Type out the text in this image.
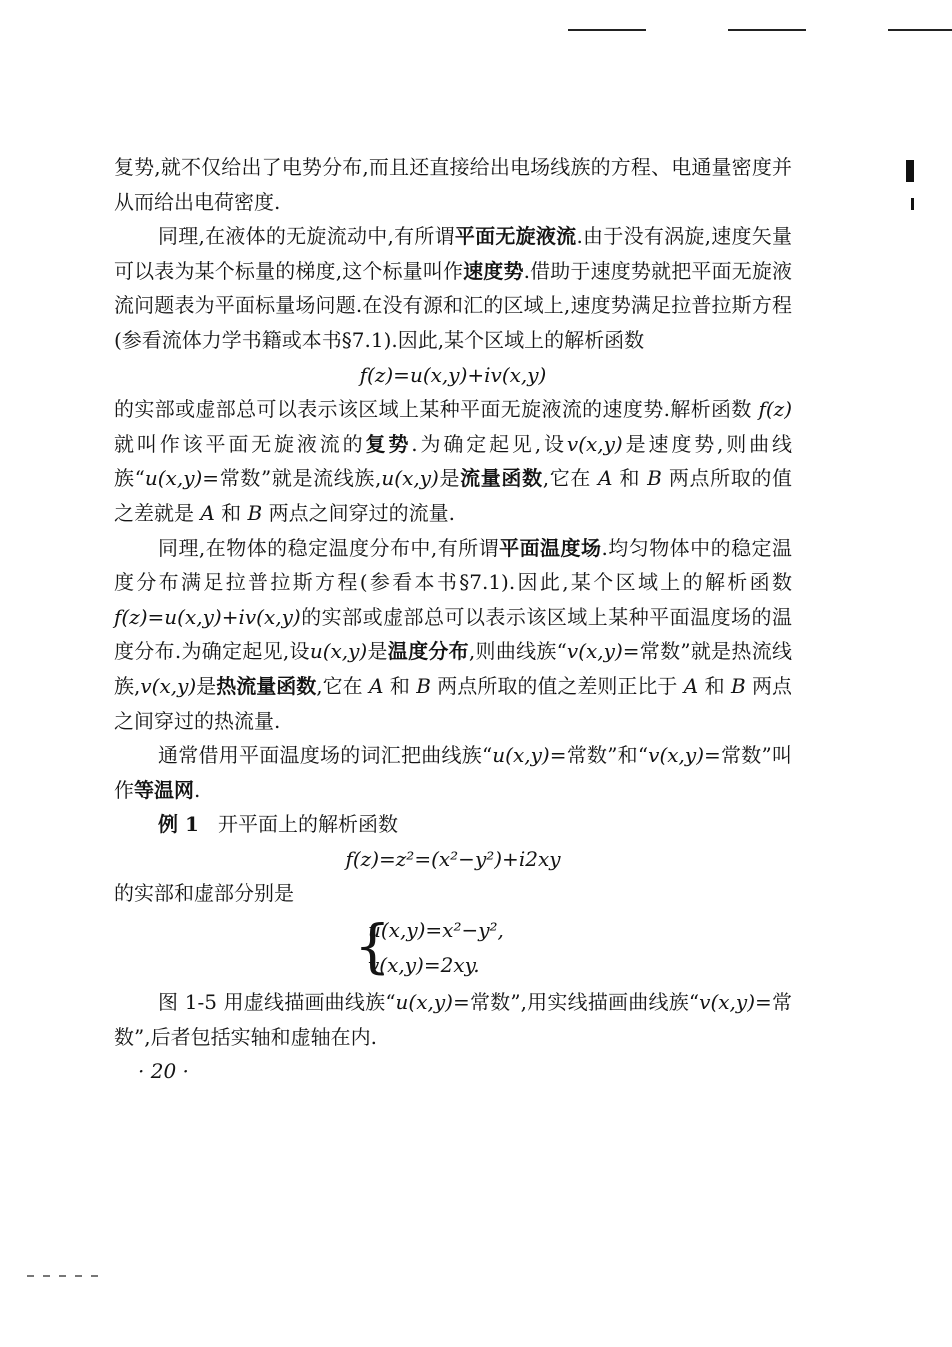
复势,就不仅给出了电势分布,而且还直接给出电场线族的方程、电通量密度并从而给出电荷密度.

同理,在液体的无旋流动中,有所谓平面无旋液流.由于没有涡旋,速度矢量可以表为某个标量的梯度,这个标量叫作速度势.借助于速度势就把平面无旋液流问题表为平面标量场问题.在没有源和汇的区域上,速度势满足拉普拉斯方程(参看流体力学书籍或本书§7.1).因此,某个区域上的解析函数

f(z)=u(x,y)+iv(x,y)

的实部或虚部总可以表示该区域上某种平面无旋液流的速度势.解析函数 f(z)就叫作该平面无旋液流的复势.为确定起见,设v(x,y)是速度势,则曲线族“u(x,y)=常数”就是流线族,u(x,y)是流量函数,它在 A 和 B 两点所取的值之差就是 A 和 B 两点之间穿过的流量.

同理,在物体的稳定温度分布中,有所谓平面温度场.均匀物体中的稳定温度分布满足拉普拉斯方程(参看本书§7.1).因此,某个区域上的解析函数 f(z)=u(x,y)+iv(x,y)的实部或虚部总可以表示该区域上某种平面温度场的温度分布.为确定起见,设u(x,y)是温度分布,则曲线族“v(x,y)=常数”就是热流线族,v(x,y)是热流量函数,它在 A 和 B 两点所取的值之差则正比于 A 和 B 两点之间穿过的热流量.

通常借用平面温度场的词汇把曲线族“u(x,y)=常数”和“v(x,y)=常数”叫作等温网.

例 1 开平面上的解析函数

f(z)=z²=(x²−y²)+i2xy

的实部和虚部分别是

{
u(x,y)=x²−y²,
v(x,y)=2xy.

图 1-5 用虚线描画曲线族“u(x,y)=常数”,用实线描画曲线族“v(x,y)=常数”,后者包括实轴和虚轴在内.

· 20 ·
